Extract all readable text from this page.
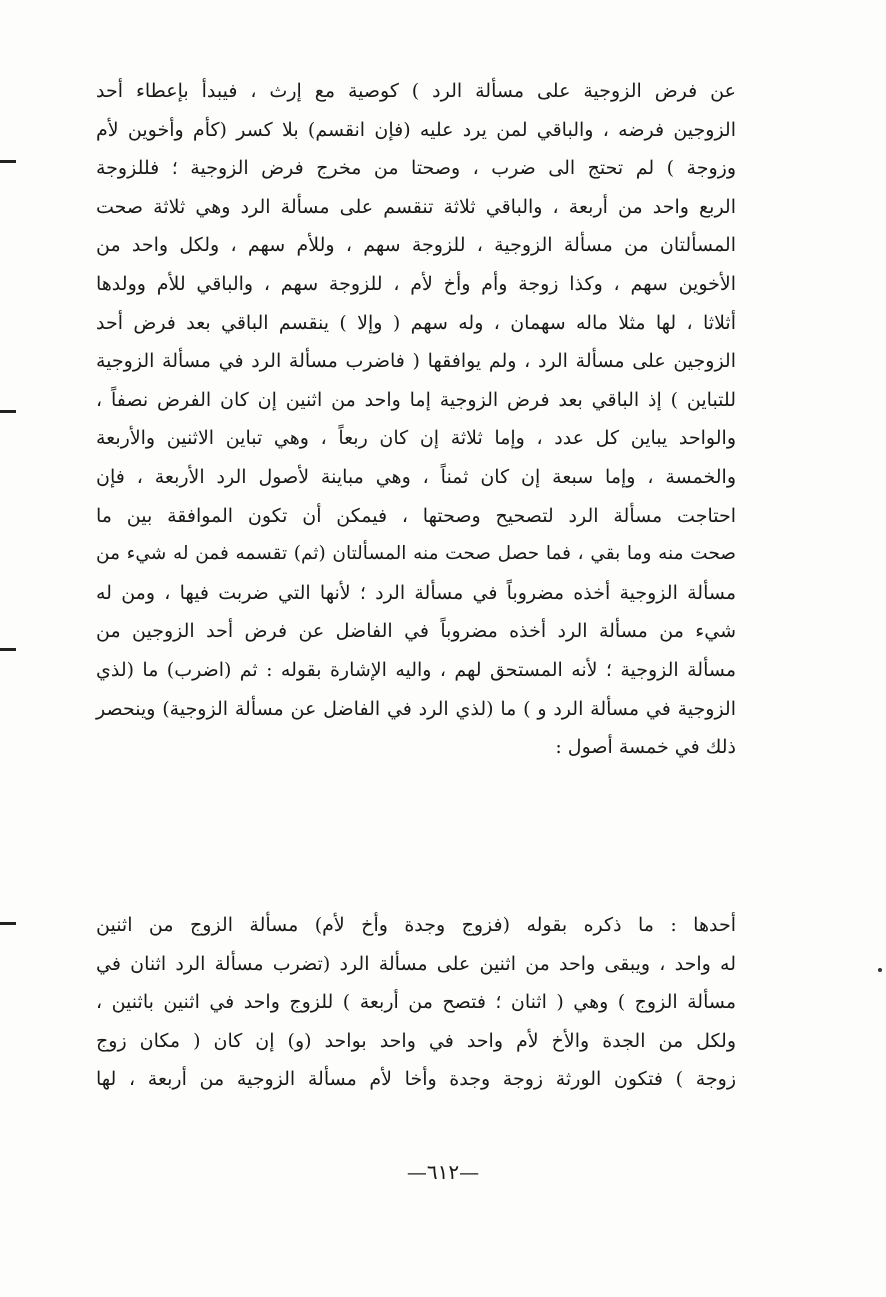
عن فرض الزوجية على مسألة الرد ) كوصية مع إرث ، فيبدأ بإعطاء أحد
الزوجين فرضه ، والباقي لمن يرد عليه (فإن انقسم) بلا كسر (كأم وأخوين لأم
وزوجة ) لم تحتج الى ضرب ، وصحتا من مخرج فرض الزوجية ؛ فللزوجة
الربع واحد من أربعة ، والباقي ثلاثة تنقسم على مسألة الرد وهي ثلاثة صحت
المسألتان من مسألة الزوجية ، للزوجة سهم ، وللأم سهم ، ولكل واحد من
الأخوين سهم ، وكذا زوجة وأم وأخ لأم ، للزوجة سهم ، والباقي للأم وولدها
أثلاثا ، لها مثلا ماله سهمان ، وله سهم ( وإلا ) ينقسم الباقي بعد فرض أحد
الزوجين على مسألة الرد ، ولم يوافقها ( فاضرب مسألة الرد في مسألة الزوجية
للتباين ) إذ الباقي بعد فرض الزوجية إما واحد من اثنين إن كان الفرض نصفاً ،
والواحد يباين كل عدد ، وإما ثلاثة إن كان ربعاً ، وهي تباين الاثنين والأربعة
والخمسة ، وإما سبعة إن كان ثمناً ، وهي مباينة لأصول الرد الأربعة ، فإن
احتاجت مسألة الرد لتصحيح وصحتها ، فيمكن أن تكون الموافقة بين ما
صحت منه وما بقي ، فما حصل صحت منه المسألتان (ثم) تقسمه فمن له شيء من
مسألة الزوجية أخذه مضروباً في مسألة الرد ؛ لأنها التي ضربت فيها ، ومن له
شيء من مسألة الرد أخذه مضروباً في الفاضل عن فرض أحد الزوجين من
مسألة الزوجية ؛ لأنه المستحق لهم ، واليه الإشارة بقوله : ثم (اضرب) ما (لذي
الزوجية في مسألة الرد و ) ما (لذي الرد في الفاضل عن مسألة الزوجية) وينحصر
ذلك في خمسة أصول :
أحدها : ما ذكره بقوله (فزوج وجدة وأخ لأم) مسألة الزوج من اثنين
له واحد ، ويبقى واحد من اثنين على مسألة الرد (تضرب مسألة الرد اثنان في
مسألة الزوج ) وهي ( اثنان ؛ فتصح من أربعة ) للزوج واحد في اثنين باثنين ،
ولكل من الجدة والأخ لأم واحد في واحد بواحد (و) إن كان ( مكان زوج
زوجة ) فتكون الورثة زوجة وجدة وأخا لأم مسألة الزوجية من أربعة ، لها
—٦١٢—
